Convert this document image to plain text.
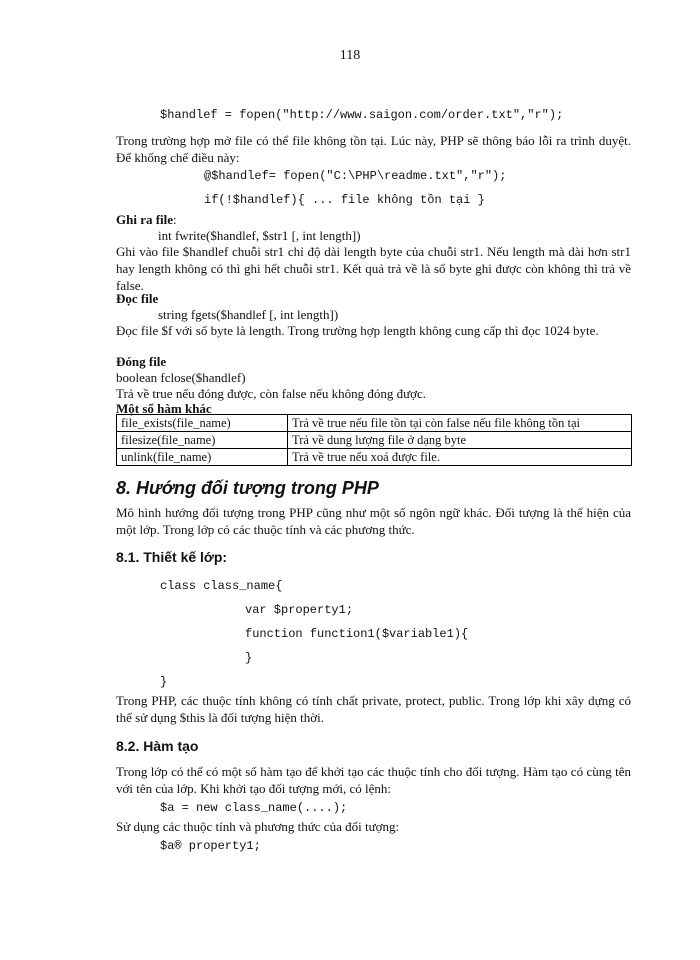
118
$handlef = fopen("http://www.saigon.com/order.txt","r");
Trong trường hợp mở file có thể file không tồn tại. Lúc này, PHP sẽ thông báo lỗi ra trình duyệt. Để khống chế điều này:
@$handlef= fopen("C:\PHP\readme.txt","r");
if(!$handlef){ ... file không tồn tại }
Ghi ra file:
int fwrite($handlef, $str1 [, int length])
Ghi vào file $handlef chuỗi str1 chỉ độ dài length byte của chuỗi str1. Nếu length mà dài hơn str1 hay length không có thì ghi hết chuỗi str1. Kết quả trả về là số byte ghi được còn không thì trả về false.
Đọc file
string fgets($handlef [, int length])
Đọc file $f với số byte là length. Trong trường hợp length không cung cấp thì đọc 1024 byte.
Đóng file
boolean fclose($handlef)
Trả về true nếu đóng được, còn false nếu không đóng được.
Một số hàm khác
file_exists(file_name)	Trả về true nếu file tồn tại còn false nếu file không tồn tại
filesize(file_name)	Trả về dung lượng file ở dạng byte
unlink(file_name)	Trả về true nếu xoá được file.
8. Hướng đối tượng trong PHP
Mô hình hướng đối tượng trong PHP cũng như một số ngôn ngữ khác. Đối tượng là thể hiện của một lớp. Trong lớp có các thuộc tính và các phương thức.
8.1. Thiết kế lớp:
class class_name{
var $property1;
function function1($variable1){
}
}
Trong PHP, các thuộc tính không có tính chất private, protect, public. Trong lớp khi xây dựng có thể sử dụng $this là đối tượng hiện thời.
8.2. Hàm tạo
Trong lớp có thể có một số hàm tạo để khởi tạo các thuộc tính cho đối tượng. Hàm tạo có cùng tên với tên của lớp. Khi khởi tạo đối tượng mới, có lệnh:
$a = new class_name(....);
Sử dụng các thuộc tính và phương thức của đối tượng:
$a® property1;
